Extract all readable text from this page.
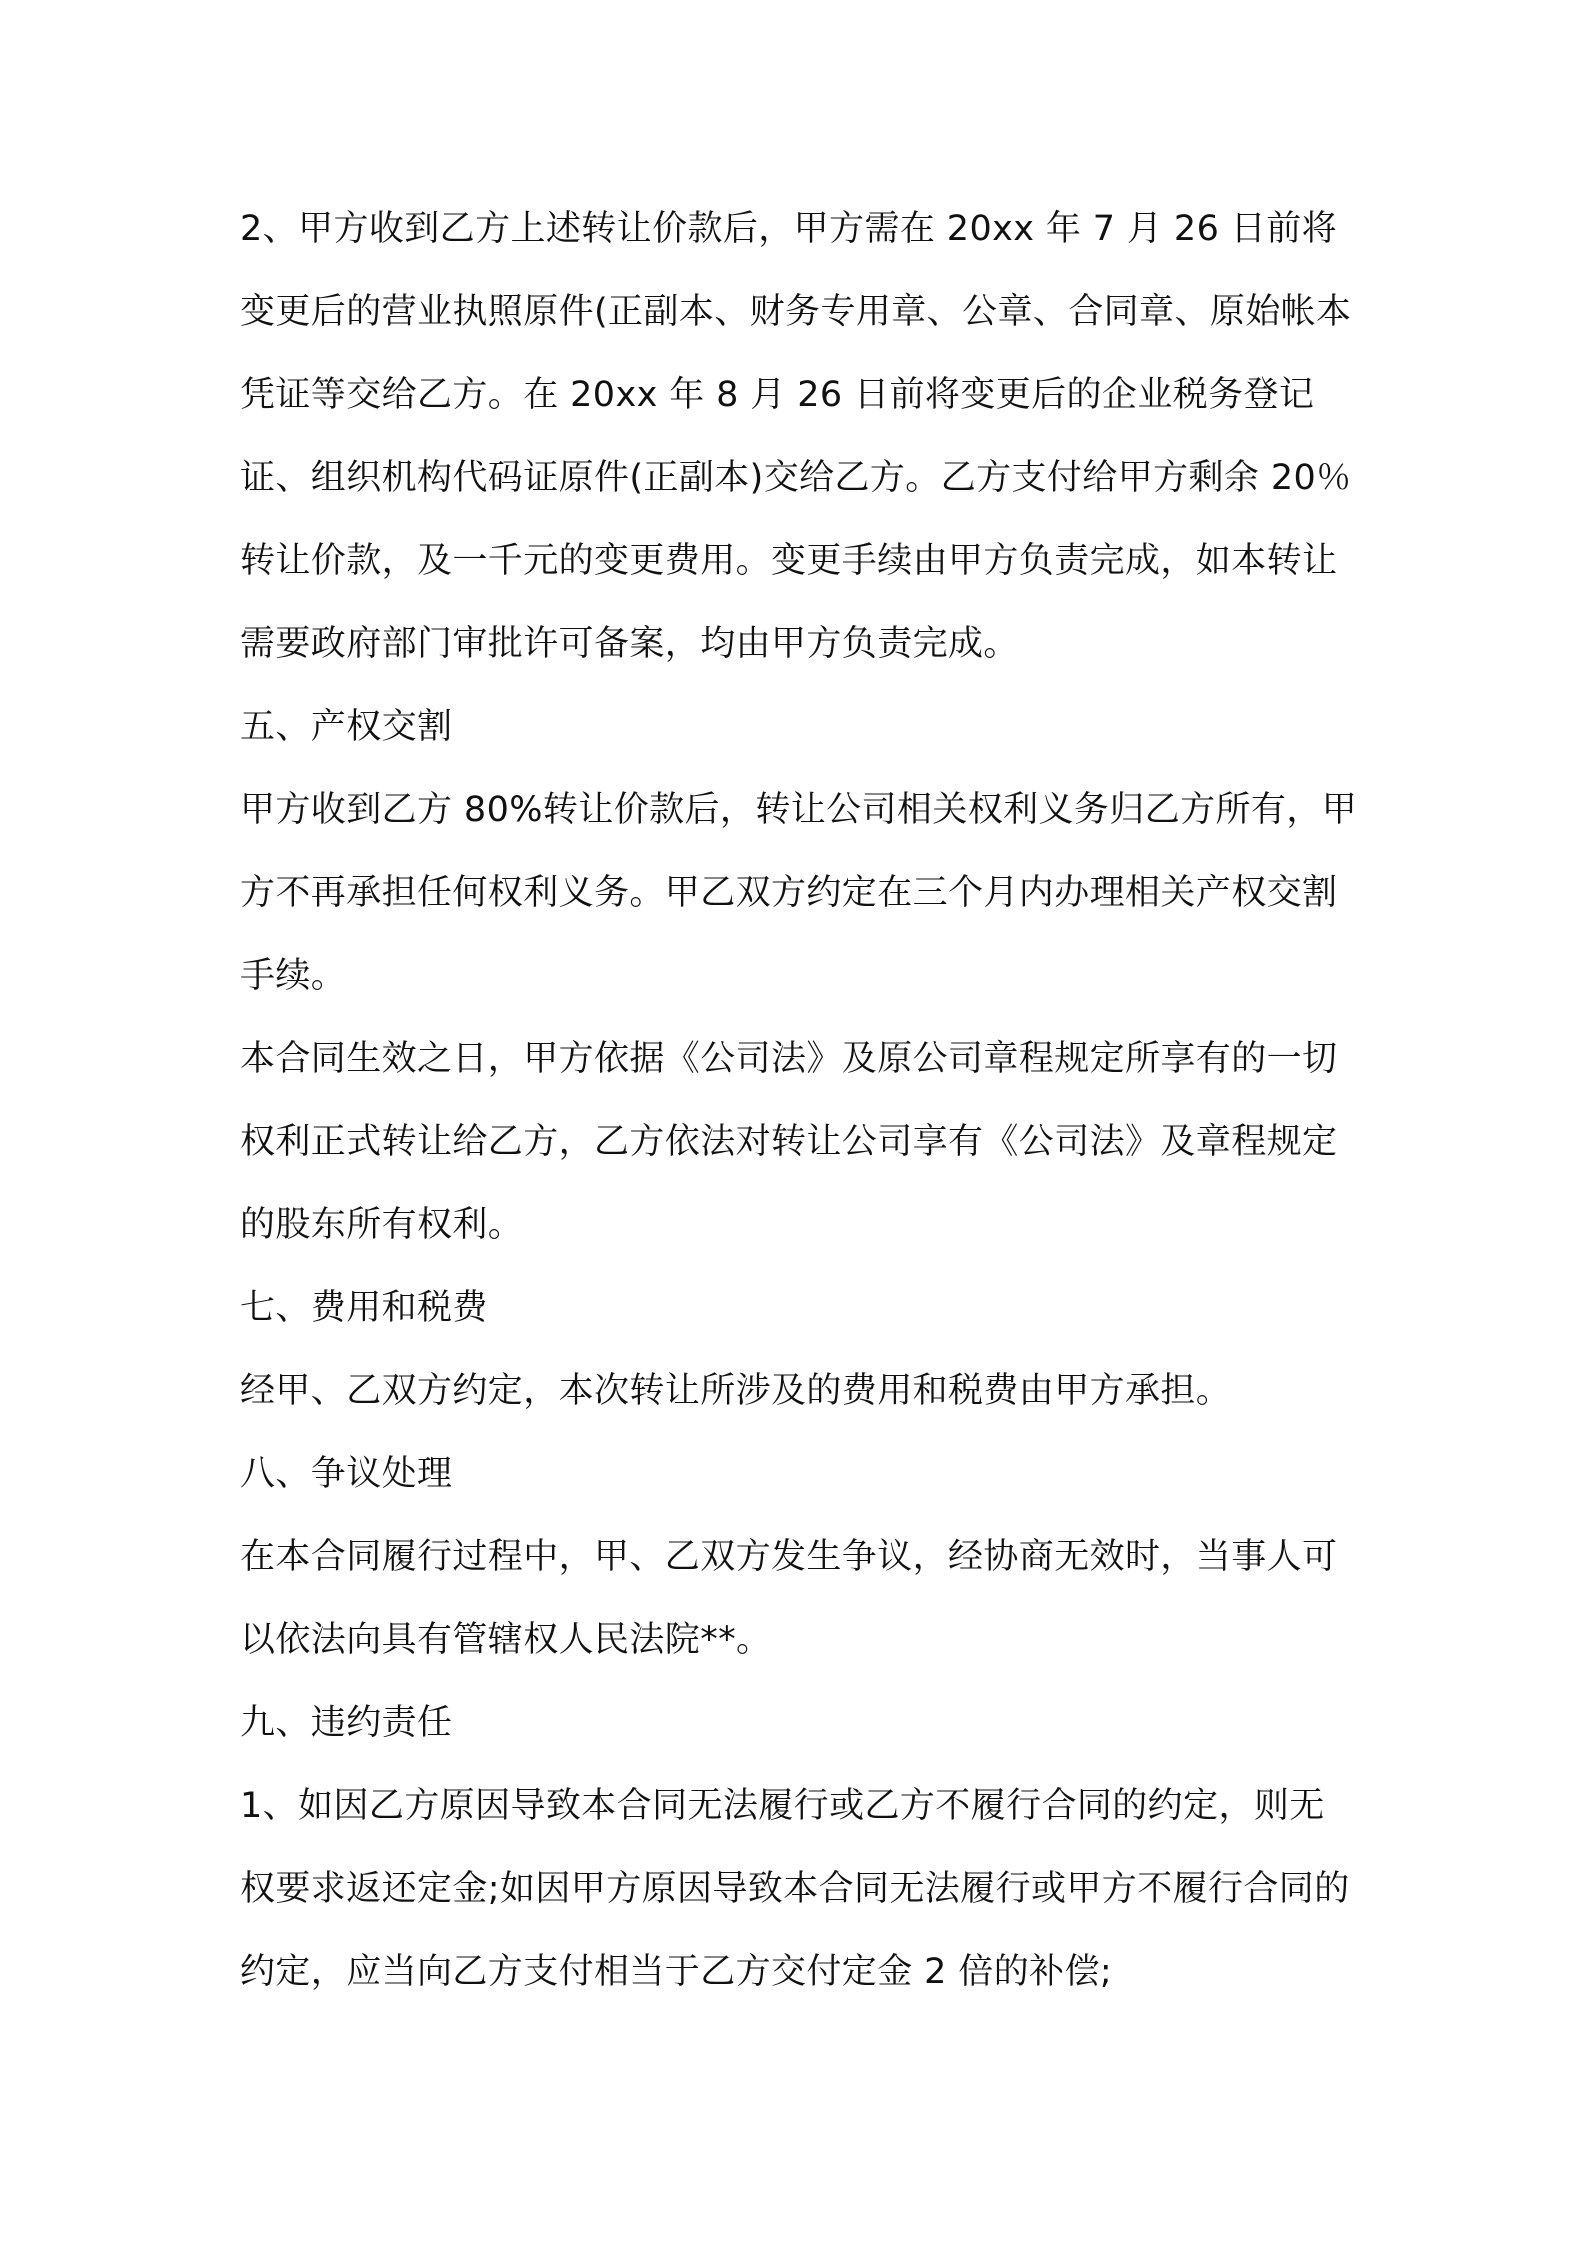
2、甲方收到乙方上述转让价款后，甲方需在 20xx 年 7 月 26 日前将变更后的营业执照原件(正副本、财务专用章、公章、合同章、原始帐本凭证等交给乙方。在 20xx 年 8 月 26 日前将变更后的企业税务登记证、组织机构代码证原件(正副本)交给乙方。乙方支付给甲方剩余 20％转让价款，及一千元的变更费用。变更手续由甲方负责完成，如本转让需要政府部门审批许可备案，均由甲方负责完成。

五、产权交割

甲方收到乙方 80%转让价款后，转让公司相关权利义务归乙方所有，甲方不再承担任何权利义务。甲乙双方约定在三个月内办理相关产权交割手续。

本合同生效之日，甲方依据《公司法》及原公司章程规定所享有的一切权利正式转让给乙方，乙方依法对转让公司享有《公司法》及章程规定的股东所有权利。

七、费用和税费

经甲、乙双方约定，本次转让所涉及的费用和税费由甲方承担。

八、争议处理

在本合同履行过程中，甲、乙双方发生争议，经协商无效时，当事人可以依法向具有管辖权人民法院**。

九、违约责任

1、如因乙方原因导致本合同无法履行或乙方不履行合同的约定，则无权要求返还定金;如因甲方原因导致本合同无法履行或甲方不履行合同的约定，应当向乙方支付相当于乙方交付定金 2 倍的补偿;
